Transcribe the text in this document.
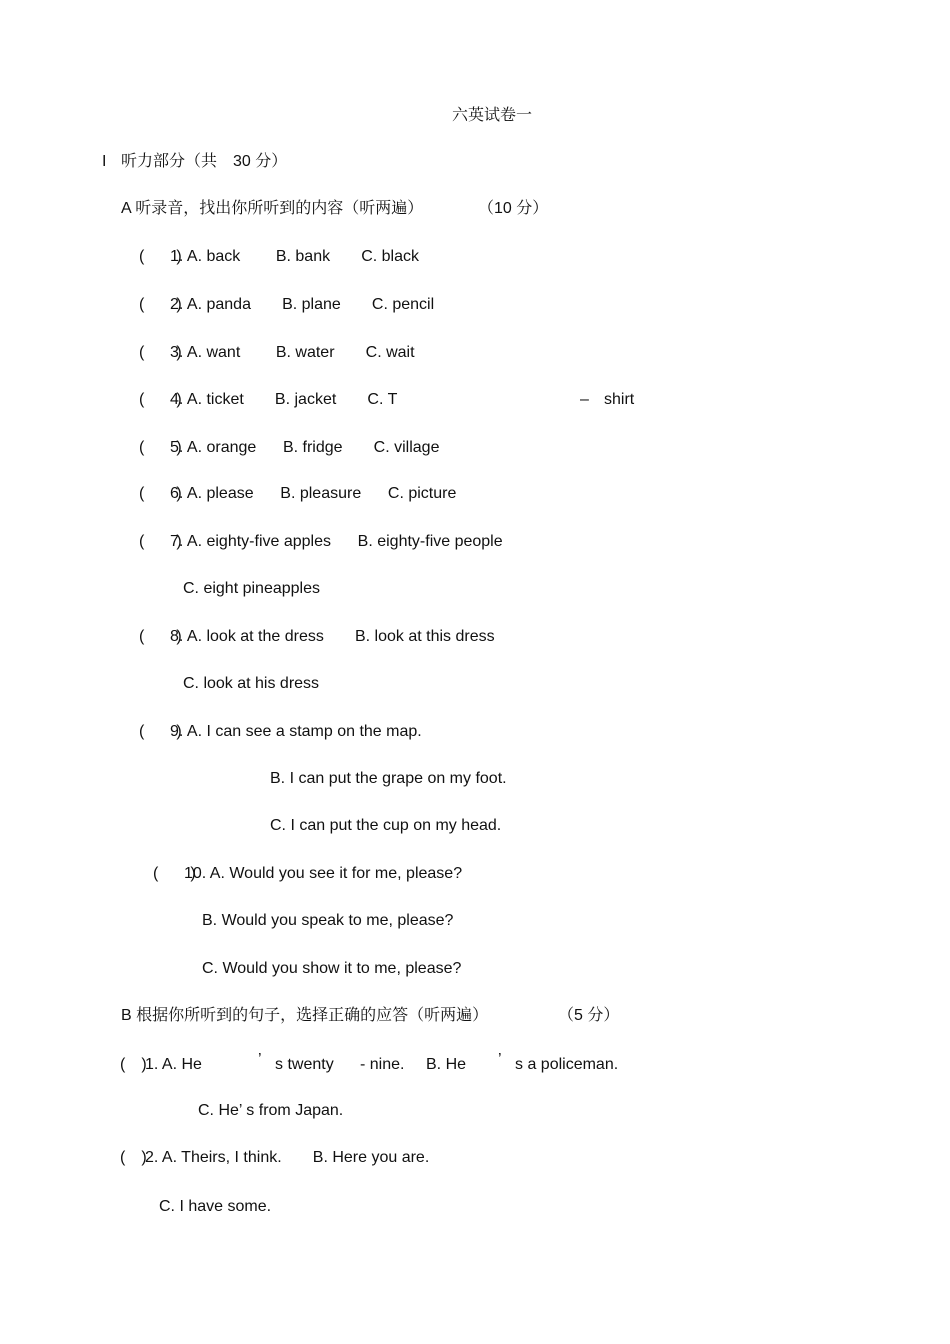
六英试卷一
I 听力部分（共　30 分）
A 听录音，找出你所听到的内容（听两遍）	（10 分）
(　　)
1. A. back        B. bank       C. black
(　　)
2. A. panda       B. plane       C. pencil
(　　)
3. A. want        B. water       C. wait
(　　)
4. A. ticket       B. jacket       C. T	– shirt
(　　)
5. A. orange      B. fridge       C. village
(　　)
6. A. please      B. pleasure      C. picture
(　　)
7. A. eighty-five apples      B. eighty-five people
C. eight pineapples
(　　)
8. A. look at the dress       B. look at this dress
C. look at his dress
(　　)
9. A. I can see a stamp on the map.
B. I can put the grape on my foot.
C. I can put the cup on my head.
(　　)
10. A. Would you see it for me, please?
B. Would you speak to me, please?
C. Would you show it to me, please?
B 根据你所听到的句子，选择正确的应答（听两遍）	（5 分）
(　)
1. A. He	’ s twenty - nine. B. He ’ s a policeman.
C. He’ s from Japan.
(　)
2. A. Theirs, I think.       B. Here you are.
C. I have some.
